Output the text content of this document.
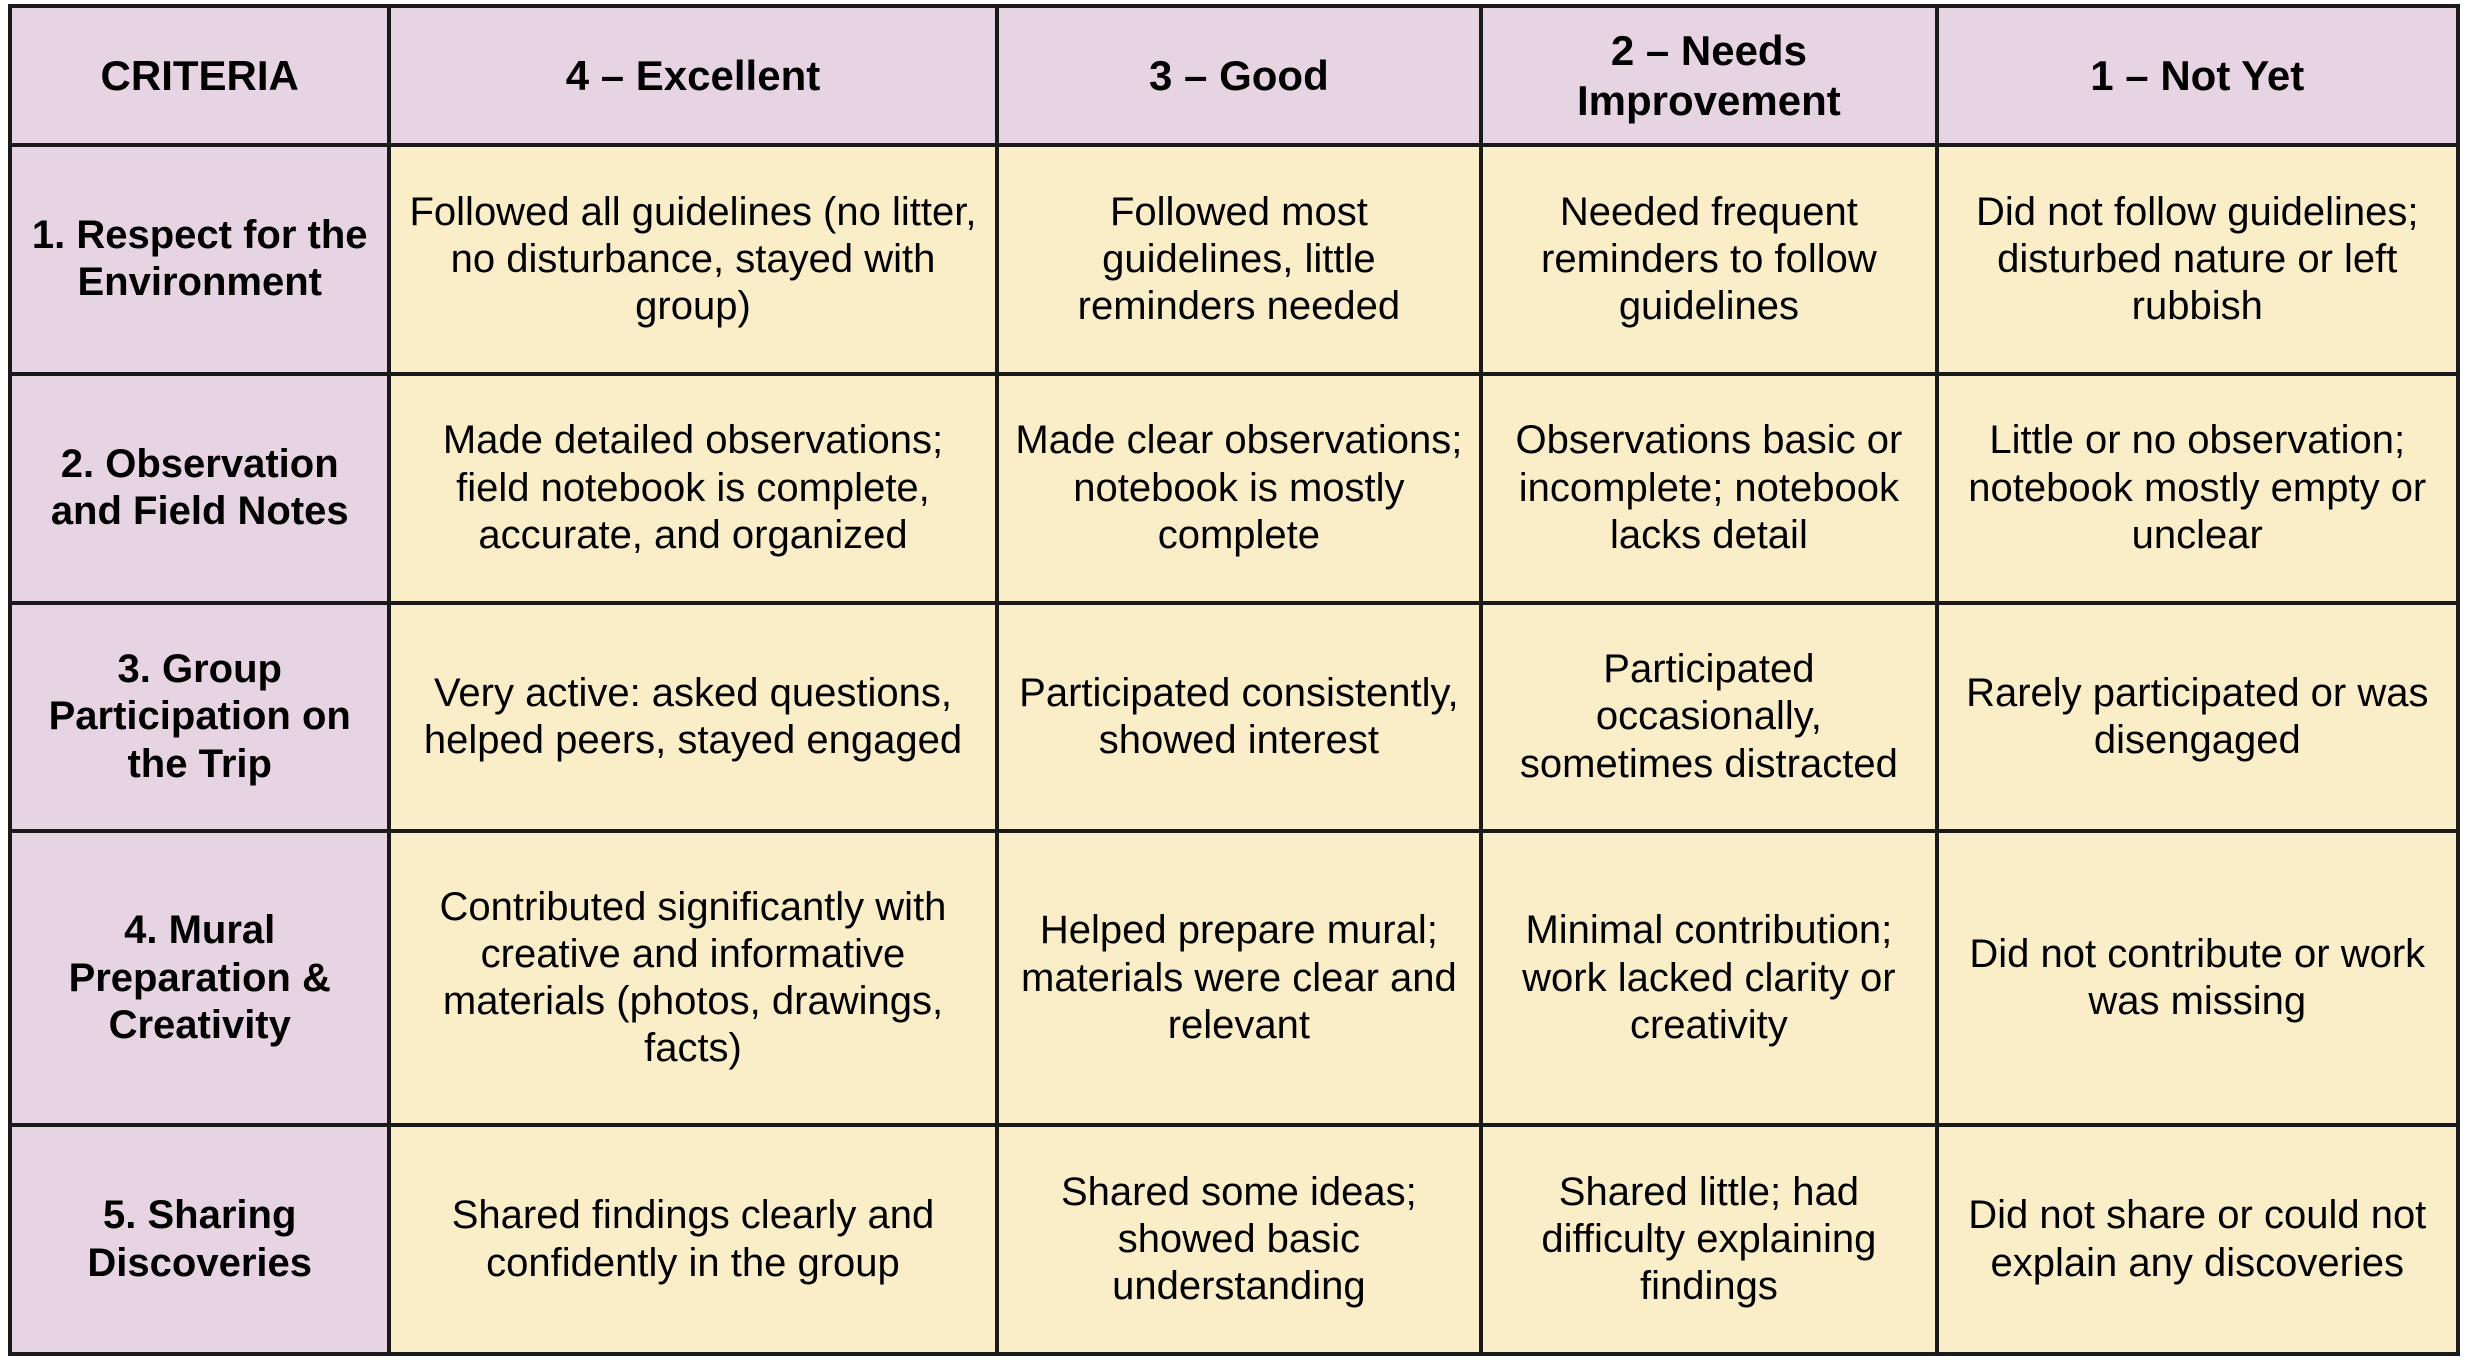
CRITERIA	4 – Excellent	3 – Good	2 – Needs Improvement	1 – Not Yet
1. Respect for the Environment	Followed all guidelines (no litter, no disturbance, stayed with group)	Followed most guidelines, little reminders needed	Needed frequent reminders to follow guidelines	Did not follow guidelines; disturbed nature or left rubbish
2. Observation and Field Notes	Made detailed observations; field notebook is complete, accurate, and organized	Made clear observations; notebook is mostly complete	Observations basic or incomplete; notebook lacks detail	Little or no observation; notebook mostly empty or unclear
3. Group Participation on the Trip	Very active: asked questions, helped peers, stayed engaged	Participated consistently, showed interest	Participated occasionally, sometimes distracted	Rarely participated or was disengaged
4. Mural Preparation & Creativity	Contributed significantly with creative and informative materials (photos, drawings, facts)	Helped prepare mural; materials were clear and relevant	Minimal contribution; work lacked clarity or creativity	Did not contribute or work was missing
5. Sharing Discoveries	Shared findings clearly and confidently in the group	Shared some ideas; showed basic understanding	Shared little; had difficulty explaining findings	Did not share or could not explain any discoveries
